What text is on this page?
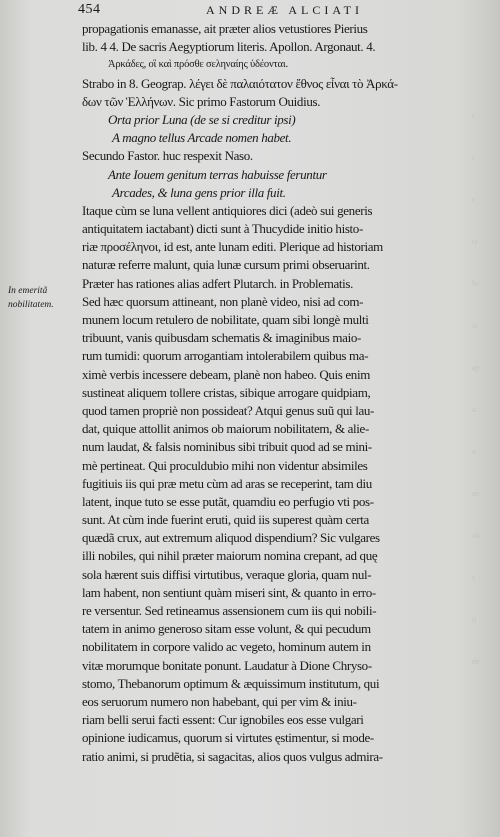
c.
c
r
ci
lo
is
ap
a:
n
ns
ob
s
ti
de
454	ANDREÆ ALCIATI
In emeritã
nobilitatem.
propagationis emanasse, ait præter alios vetustiores Pierius
lib. 4 4. De sacris Aegyptiorum literis. Apollon. Argonaut. 4.
Ἀρκάδες, οἳ καὶ πρόσθε σεληναίης ὑδέονται.
Strabo in 8. Geograp. λέγει δὲ παλαιότατον ἔθνος εἶναι τὸ Ἀρκά-
δων τῶν Ἑλλήνων. Sic primo Fastorum Ouidius.
Orta prior Luna (de se si creditur ipsi)
A magno tellus Arcade nomen habet.
Secundo Fastor. huc respexit Naso.
Ante Iouem genitum terras habuisse feruntur
Arcades, & luna gens prior illa fuit.
Itaque cùm se luna vellent antiquiores dici (adeò sui generis
antiquitatem iactabant) dicti sunt à Thucydide initio histo-
riæ προσέληνοι, id est, ante lunam editi. Plerique ad historiam
naturæ referre malunt, quia lunæ cursum primi obseruarint.
Præter has rationes alias adfert Plutarch. in Problematis.
Sed hæc quorsum attineant, non planè video, nisi ad com-
munem locum retulero de nobilitate, quam sibi longè multi
tribuunt, vanis quibusdam schematis & imaginibus maio-
rum tumidi: quorum arrogantiam intolerabilem quibus ma-
ximè verbis incessere debeam, planè non habeo. Quis enim
sustineat aliquem tollere cristas, sibique arrogare quidpiam,
quod tamen propriè non possideat? Atqui genus suũ qui lau-
dat, quique attollit animos ob maiorum nobilitatem, & alie-
num laudat, & falsis nominibus sibi tribuit quod ad se mini-
mè pertineat. Qui proculdubio mihi non videntur absimiles
fugitiuis iis qui præ metu cùm ad aras se receperint, tam diu
latent, inque tuto se esse putãt, quamdiu eo perfugio vti pos-
sunt. At cùm inde fuerint eruti, quid iis superest quàm certa
quædã crux, aut extremum aliquod dispendium? Sic vulgares
illi nobiles, qui nihil præter maiorum nomina crepant, ad quę
sola hærent suis diffisi virtutibus, veraque gloria, quam nul-
lam habent, non sentiunt quàm miseri sint, & quanto in erro-
re versentur. Sed retineamus assensionem cum iis qui nobili-
tatem in animo generoso sitam esse volunt, & qui pecudum
nobilitatem in corpore valido ac vegeto, hominum autem in
vitæ morumque bonitate ponunt. Laudatur à Dione Chryso-
stomo, Thebanorum optimum & æquissimum institutum, qui
eos seruorum numero non habebant, qui per vim & iniu-
riam belli serui facti essent: Cur ignobiles eos esse vulgari
opinione iudicamus, quorum si virtutes ęstimentur, si mode-
ratio animi, si prudẽtia, si sagacitas, alios quos vulgus admira-
